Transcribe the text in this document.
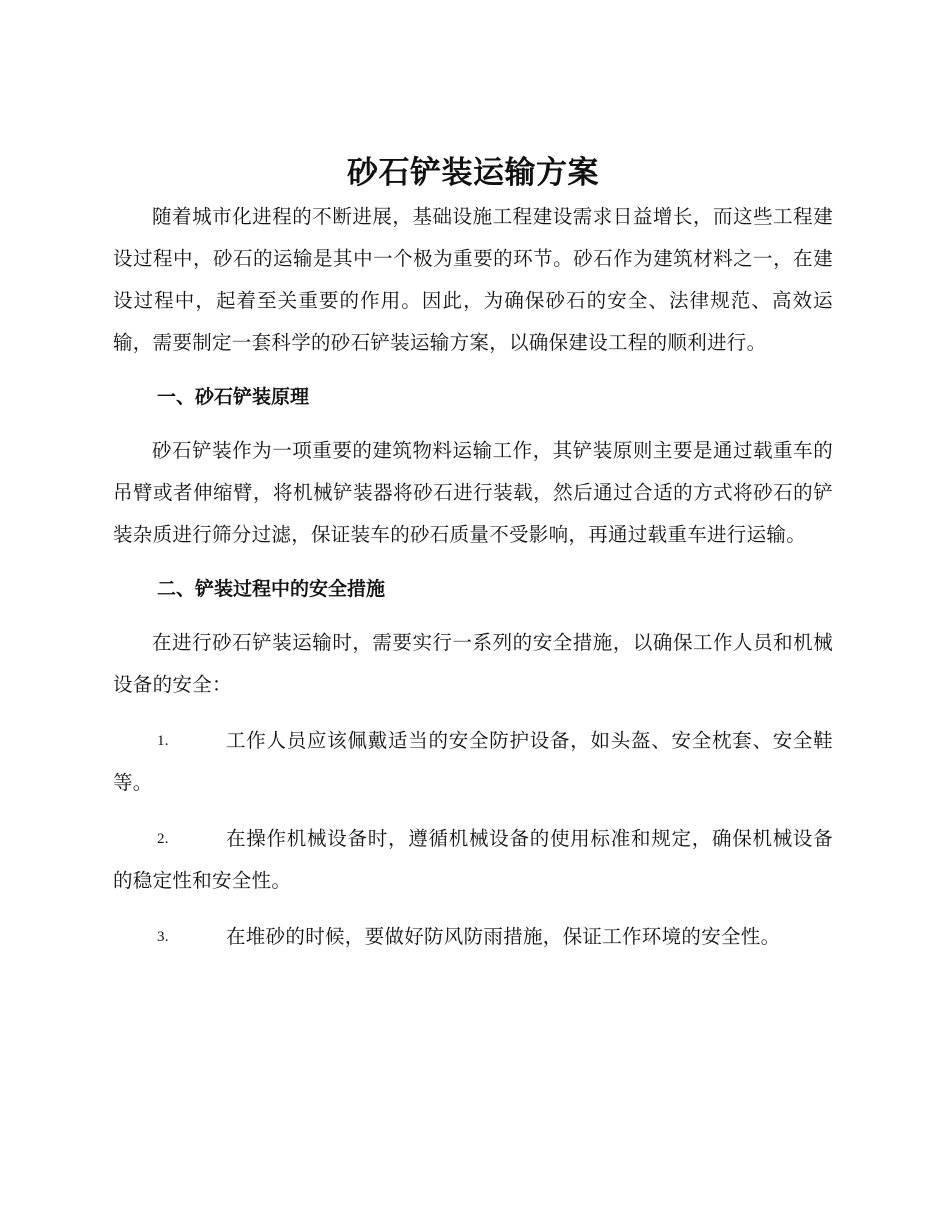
砂石铲装运输方案

随着城市化进程的不断进展，基础设施工程建设需求日益增长，而这些工程建设过程中，砂石的运输是其中一个极为重要的环节。砂石作为建筑材料之一，在建设过程中，起着至关重要的作用。因此，为确保砂石的安全、法律规范、高效运输，需要制定一套科学的砂石铲装运输方案，以确保建设工程的顺利进行。

一、砂石铲装原理

砂石铲装作为一项重要的建筑物料运输工作，其铲装原则主要是通过载重车的吊臂或者伸缩臂，将机械铲装器将砂石进行装载，然后通过合适的方式将砂石的铲装杂质进行筛分过滤，保证装车的砂石质量不受影响，再通过载重车进行运输。

二、铲装过程中的安全措施

在进行砂石铲装运输时，需要实行一系列的安全措施，以确保工作人员和机械设备的安全：

1.	工作人员应该佩戴适当的安全防护设备，如头盔、安全枕套、安全鞋等。

2.	在操作机械设备时，遵循机械设备的使用标准和规定，确保机械设备的稳定性和安全性。

3.	在堆砂的时候，要做好防风防雨措施，保证工作环境的安全性。
